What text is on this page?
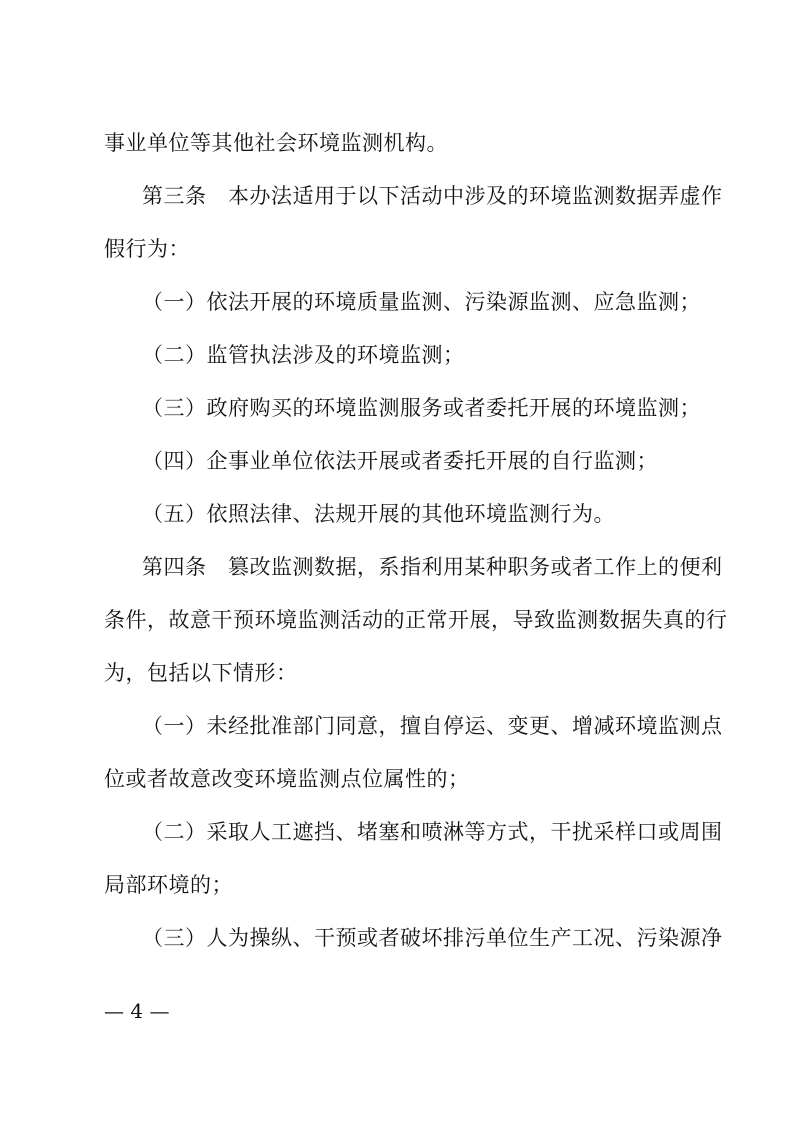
事业单位等其他社会环境监测机构。
第三条　本办法适用于以下活动中涉及的环境监测数据弄虚作
假行为：
（一）依法开展的环境质量监测、污染源监测、应急监测；
（二）监管执法涉及的环境监测；
（三）政府购买的环境监测服务或者委托开展的环境监测；
（四）企事业单位依法开展或者委托开展的自行监测；
（五）依照法律、法规开展的其他环境监测行为。
第四条　篡改监测数据，系指利用某种职务或者工作上的便利
条件，故意干预环境监测活动的正常开展，导致监测数据失真的行
为，包括以下情形：
（一）未经批准部门同意，擅自停运、变更、增减环境监测点
位或者故意改变环境监测点位属性的；
（二）采取人工遮挡、堵塞和喷淋等方式，干扰采样口或周围
局部环境的；
（三）人为操纵、干预或者破坏排污单位生产工况、污染源净
— 4 —
